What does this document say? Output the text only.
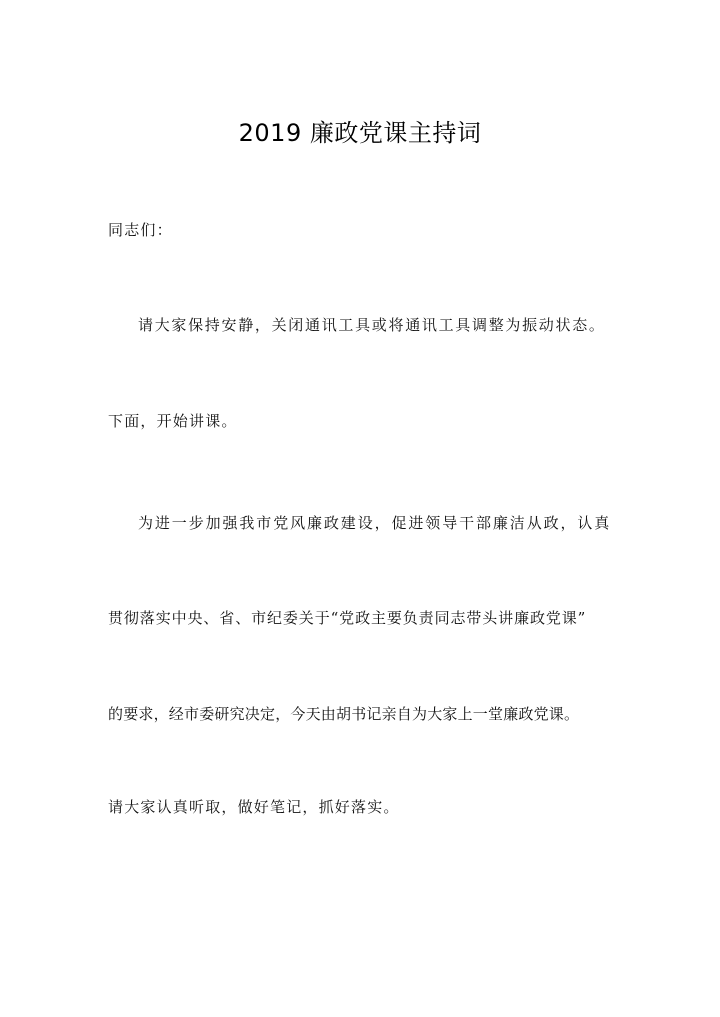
2019 廉政党课主持词
同志们：
请大家保持安静，关闭通讯工具或将通讯工具调整为振动状态。
下面，开始讲课。
为进一步加强我市党风廉政建设，促进领导干部廉洁从政，认真
贯彻落实中央、省、市纪委关于“党政主要负责同志带头讲廉政党课”
的要求，经市委研究决定，今天由胡书记亲自为大家上一堂廉政党课。
请大家认真听取，做好笔记，抓好落实。
